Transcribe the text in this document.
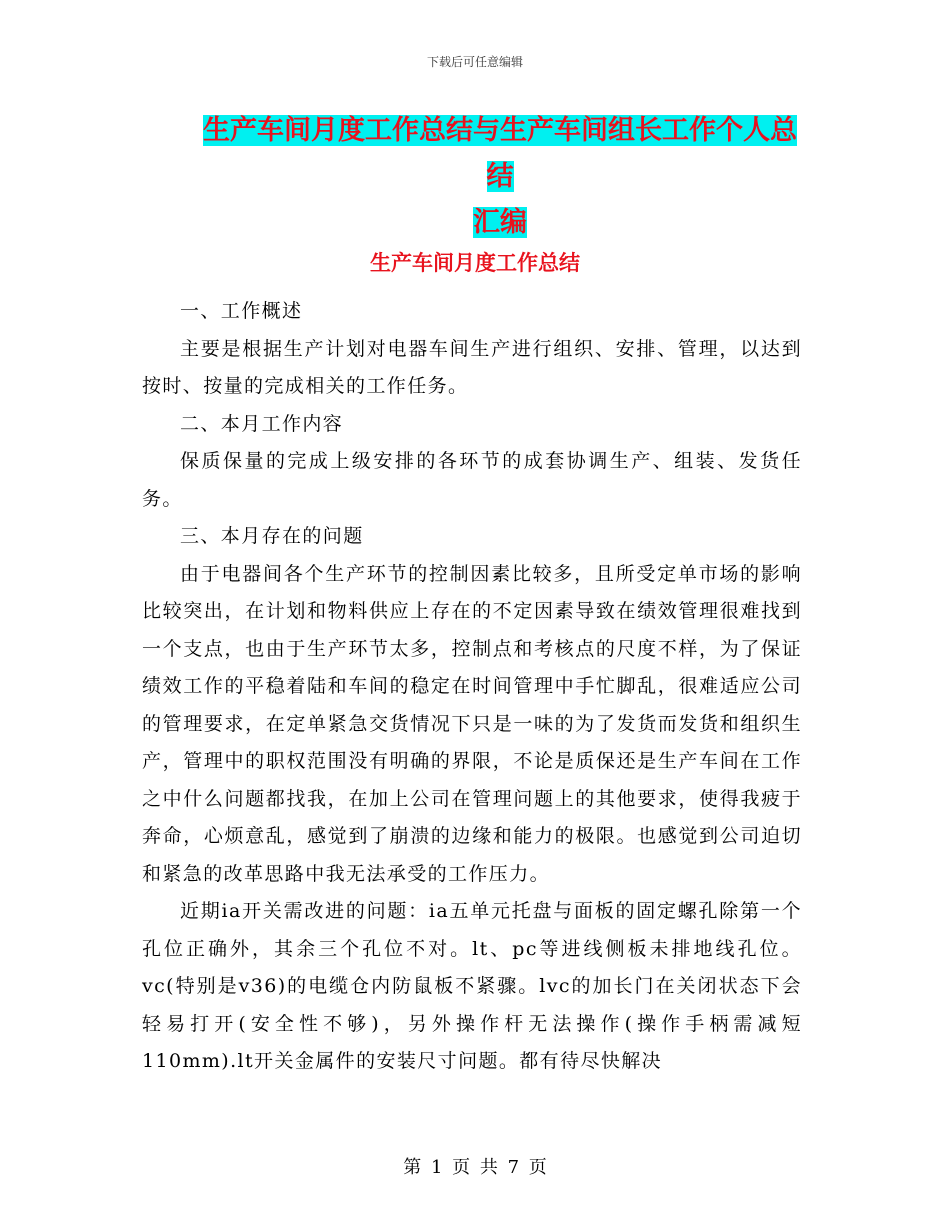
下载后可任意编辑
生产车间月度工作总结与生产车间组长工作个人总结
汇编
生产车间月度工作总结

一、工作概述

主要是根据生产计划对电器车间生产进行组织、安排、管理，以达到按时、按量的完成相关的工作任务。

二、本月工作内容

保质保量的完成上级安排的各环节的成套协调生产、组装、发货任务。

三、本月存在的问题

由于电器间各个生产环节的控制因素比较多，且所受定单市场的影响比较突出，在计划和物料供应上存在的不定因素导致在绩效管理很难找到一个支点，也由于生产环节太多，控制点和考核点的尺度不样，为了保证绩效工作的平稳着陆和车间的稳定在时间管理中手忙脚乱，很难适应公司的管理要求，在定单紧急交货情况下只是一味的为了发货而发货和组织生产，管理中的职权范围没有明确的界限，不论是质保还是生产车间在工作之中什么问题都找我，在加上公司在管理问题上的其他要求，使得我疲于奔命，心烦意乱，感觉到了崩溃的边缘和能力的极限。也感觉到公司迫切和紧急的改革思路中我无法承受的工作压力。

近期ia开关需改进的问题：ia五单元托盘与面板的固定螺孔除第一个孔位正确外，其余三个孔位不对。lt、pc等进线侧板未排地线孔位。vc(特别是v36)的电缆仓内防鼠板不紧骤。lvc的加长门在关闭状态下会轻易打开(安全性不够)，另外操作杆无法操作(操作手柄需减短110mm).lt开关金属件的安装尺寸问题。都有待尽快解决

第 1 页 共 7 页
